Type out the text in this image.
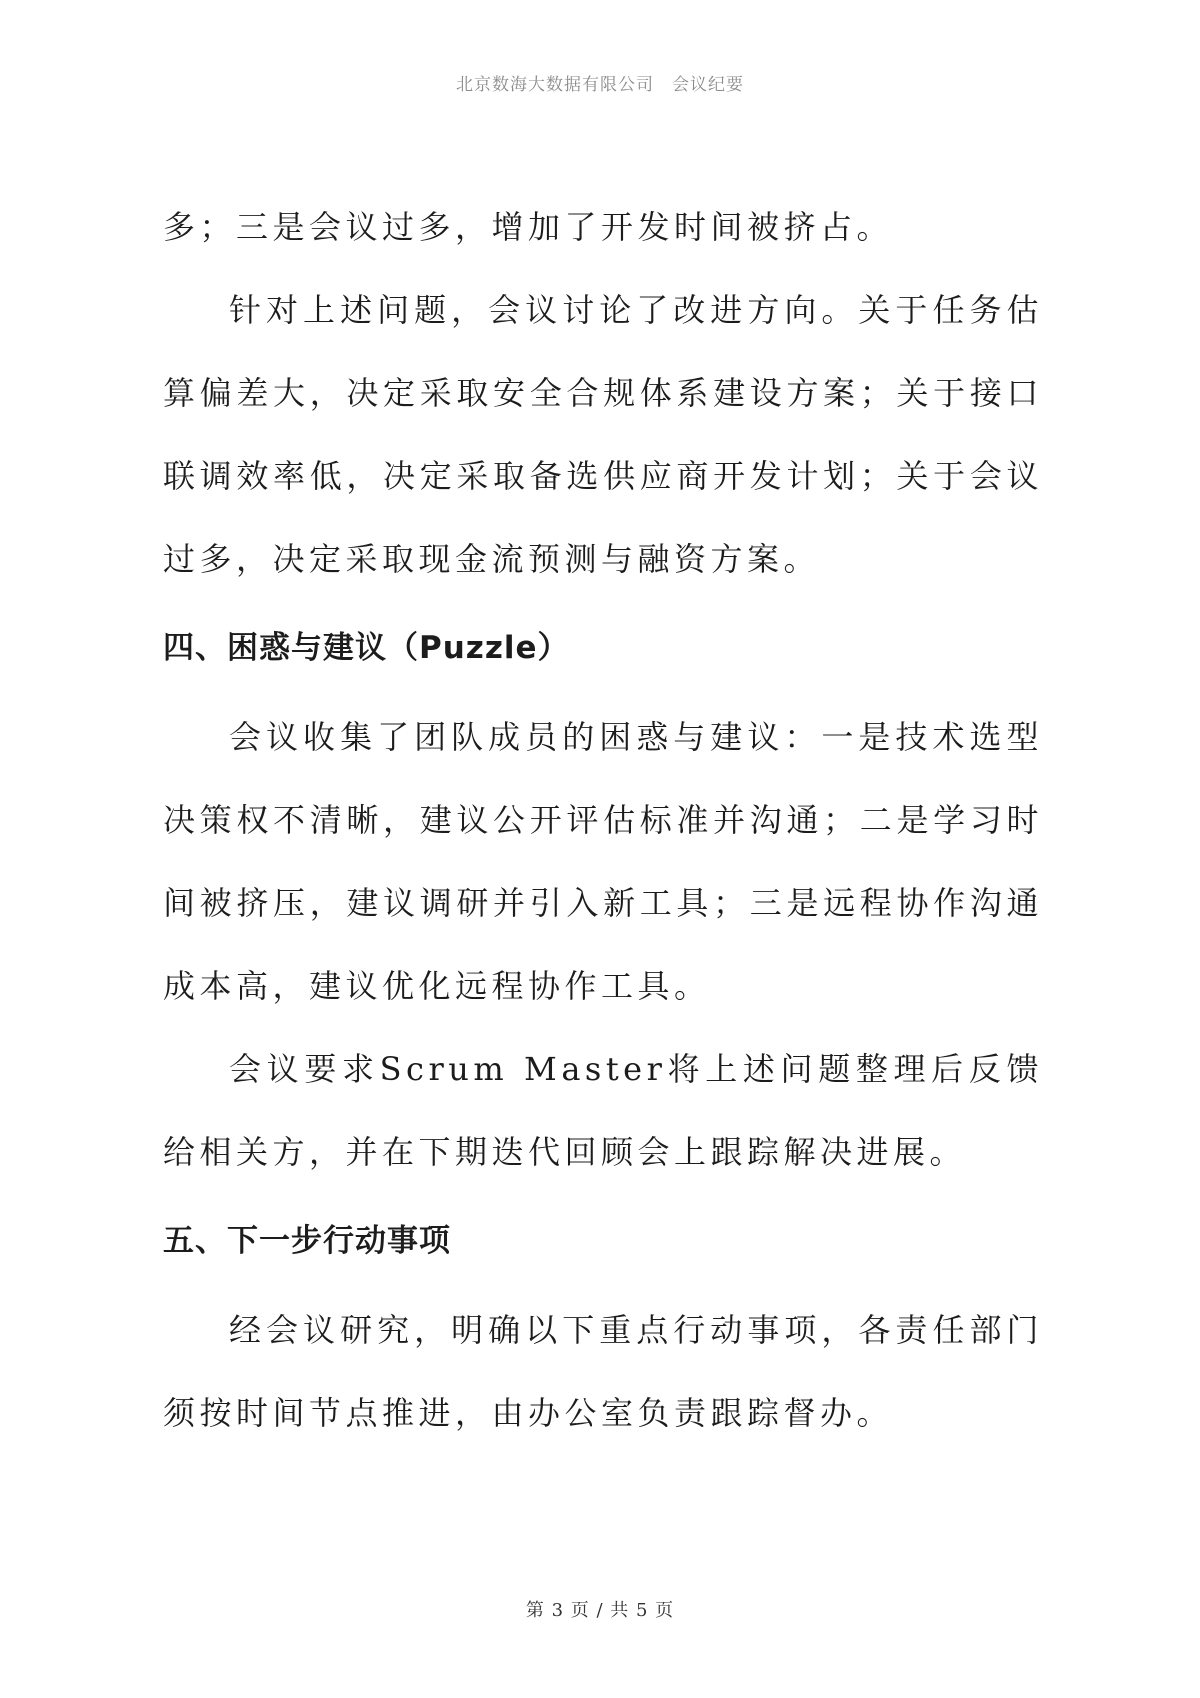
北京数海大数据有限公司 会议纪要

多；三是会议过多，增加了开发时间被挤占。

针对上述问题，会议讨论了改进方向。关于任务估算偏差大，决定采取安全合规体系建设方案；关于接口联调效率低，决定采取备选供应商开发计划；关于会议过多，决定采取现金流预测与融资方案。

四、困惑与建议（Puzzle）

会议收集了团队成员的困惑与建议：一是技术选型决策权不清晰，建议公开评估标准并沟通；二是学习时间被挤压，建议调研并引入新工具；三是远程协作沟通成本高，建议优化远程协作工具。

会议要求Scrum Master将上述问题整理后反馈给相关方，并在下期迭代回顾会上跟踪解决进展。

五、下一步行动事项

经会议研究，明确以下重点行动事项，各责任部门须按时间节点推进，由办公室负责跟踪督办。

第 3 页 / 共 5 页
